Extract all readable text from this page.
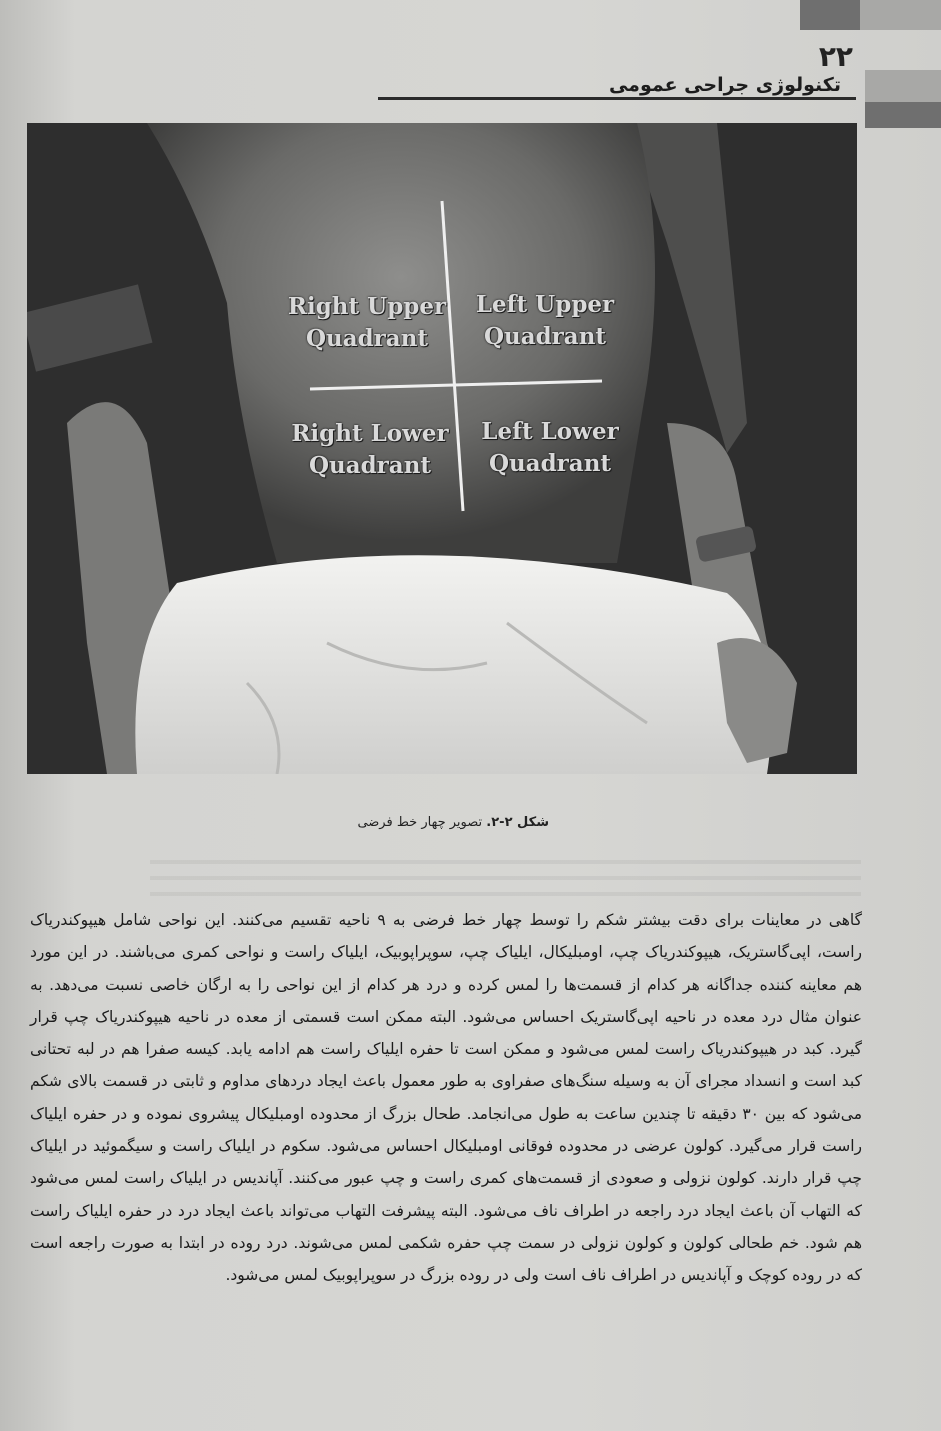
۲۲
تکنولوژی جراحی عمومی
Right Upper
Quadrant
Left Upper
Quadrant
Right Lower
Quadrant
Left Lower
Quadrant
شکل ۲-۲. تصویر چهار خط فرضی
گاهی در معاینات برای دقت بیشتر شکم را توسط چهار خط فرضی به ۹ ناحیه تقسیم می‌کنند. این نواحی شامل هیپوکندریاک راست، اپی‌گاستریک، هیپوکندریاک چپ، اومبلیکال، ایلیاک چپ، سوپراپوبیک، ایلیاک راست و نواحی کمری می‌باشند. در این مورد هم معاینه کننده جداگانه هر کدام از قسمت‌ها را لمس کرده و درد هر کدام از این نواحی را به ارگان خاصی نسبت می‌دهد. به عنوان مثال درد معده در ناحیه اپی‌گاستریک احساس می‌شود. البته ممکن است قسمتی از معده در ناحیه هیپوکندریاک چپ قرار گیرد. کبد در هیپوکندریاک راست لمس می‌شود و ممکن است تا حفره ایلیاک راست هم ادامه یابد. کیسه صفرا هم در لبه تحتانی کبد است و انسداد مجرای آن به وسیله سنگ‌های صفراوی به طور معمول باعث ایجاد دردهای مداوم و ثابتی در قسمت بالای شکم می‌شود که بین ۳۰ دقیقه تا چندین ساعت به طول می‌انجامد. طحال بزرگ از محدوده اومبلیکال پیشروی نموده و در حفره ایلیاک راست قرار می‌گیرد. کولون عرضی در محدوده فوقانی اومبلیکال احساس می‌شود. سکوم در ایلیاک راست و سیگموئید در ایلیاک چپ قرار دارند. کولون نزولی و صعودی از قسمت‌های کمری راست و چپ عبور می‌کنند. آپاندیس در ایلیاک راست لمس می‌شود که التهاب آن باعث ایجاد درد راجعه در اطراف ناف می‌شود. البته پیشرفت التهاب می‌تواند باعث ایجاد درد در حفره ایلیاک راست هم شود. خم طحالی کولون و کولون نزولی در سمت چپ حفره شکمی لمس می‌شوند. درد روده در ابتدا به صورت راجعه است که در روده کوچک و آپاندیس در اطراف ناف است ولی در روده بزرگ در سوپراپوبیک لمس می‌شود.
